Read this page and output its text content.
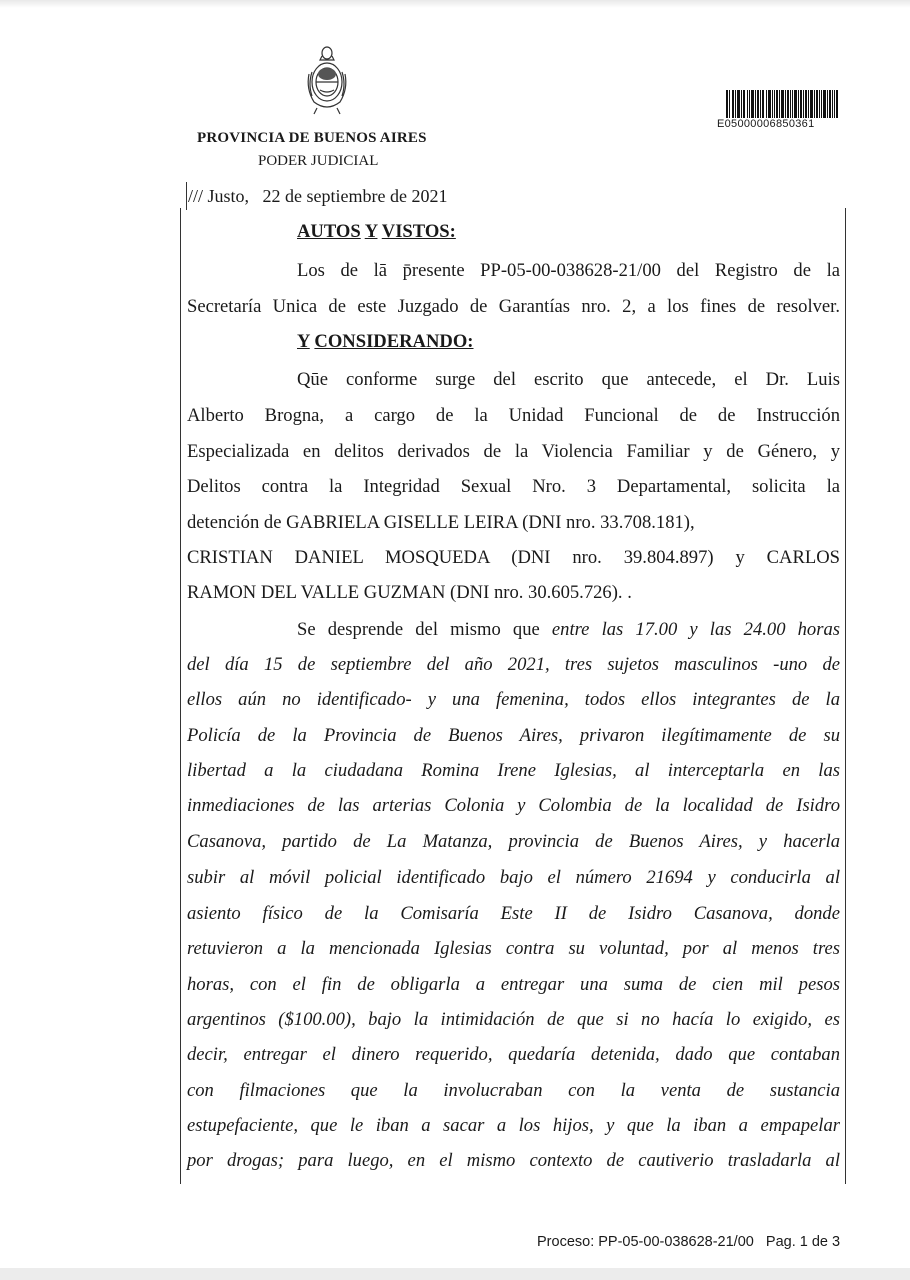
PROVINCIA DE BUENOS AIRES
PODER JUDICIAL
E05000006850361
/// Justo,   22 de septiembre de 2021
AUTOS Y VISTOS:
Los de lā p̄resente PP-05-00-038628-21/00 del Registro de la
Secretaría Unica de este Juzgado de Garantías nro. 2, a los fines de resolver.
Y CONSIDERANDO:
Qūe conforme surge del escrito que antecede, el Dr. Luis
Alberto Brogna, a cargo de la Unidad Funcional de de Instrucción
Especializada en delitos derivados de la Violencia Familiar y de Género, y
Delitos contra la Integridad Sexual Nro. 3 Departamental, solicita la
detención de GABRIELA GISELLE LEIRA (DNI nro. 33.708.181),
CRISTIAN DANIEL MOSQUEDA (DNI nro. 39.804.897) y CARLOS
RAMON DEL VALLE GUZMAN (DNI nro. 30.605.726). .
Se desprende del mismo que entre las 17.00 y las 24.00 horas
del día 15 de septiembre del año 2021, tres sujetos masculinos -uno de
ellos aún no identificado- y una femenina, todos ellos integrantes de la
Policía de la Provincia de Buenos Aires, privaron ilegítimamente de su
libertad a la ciudadana Romina Irene Iglesias, al interceptarla en las
inmediaciones de las arterias Colonia y Colombia de la localidad de Isidro
Casanova, partido de La Matanza, provincia de Buenos Aires, y hacerla
subir al móvil policial identificado bajo el número 21694 y conducirla al
asiento físico de la Comisaría Este II de Isidro Casanova, donde
retuvieron a la mencionada Iglesias contra su voluntad, por al menos tres
horas, con el fin de obligarla a entregar una suma de cien mil pesos
argentinos ($100.00), bajo la intimidación de que si no hacía lo exigido, es
decir, entregar el dinero requerido, quedaría detenida, dado que contaban
con filmaciones que la involucraban con la venta de sustancia
estupefaciente, que le iban a sacar a los hijos, y que la iban a empapelar
por drogas; para luego, en el mismo contexto de cautiverio trasladarla al
Proceso: PP-05-00-038628-21/00   Pag. 1 de 3
